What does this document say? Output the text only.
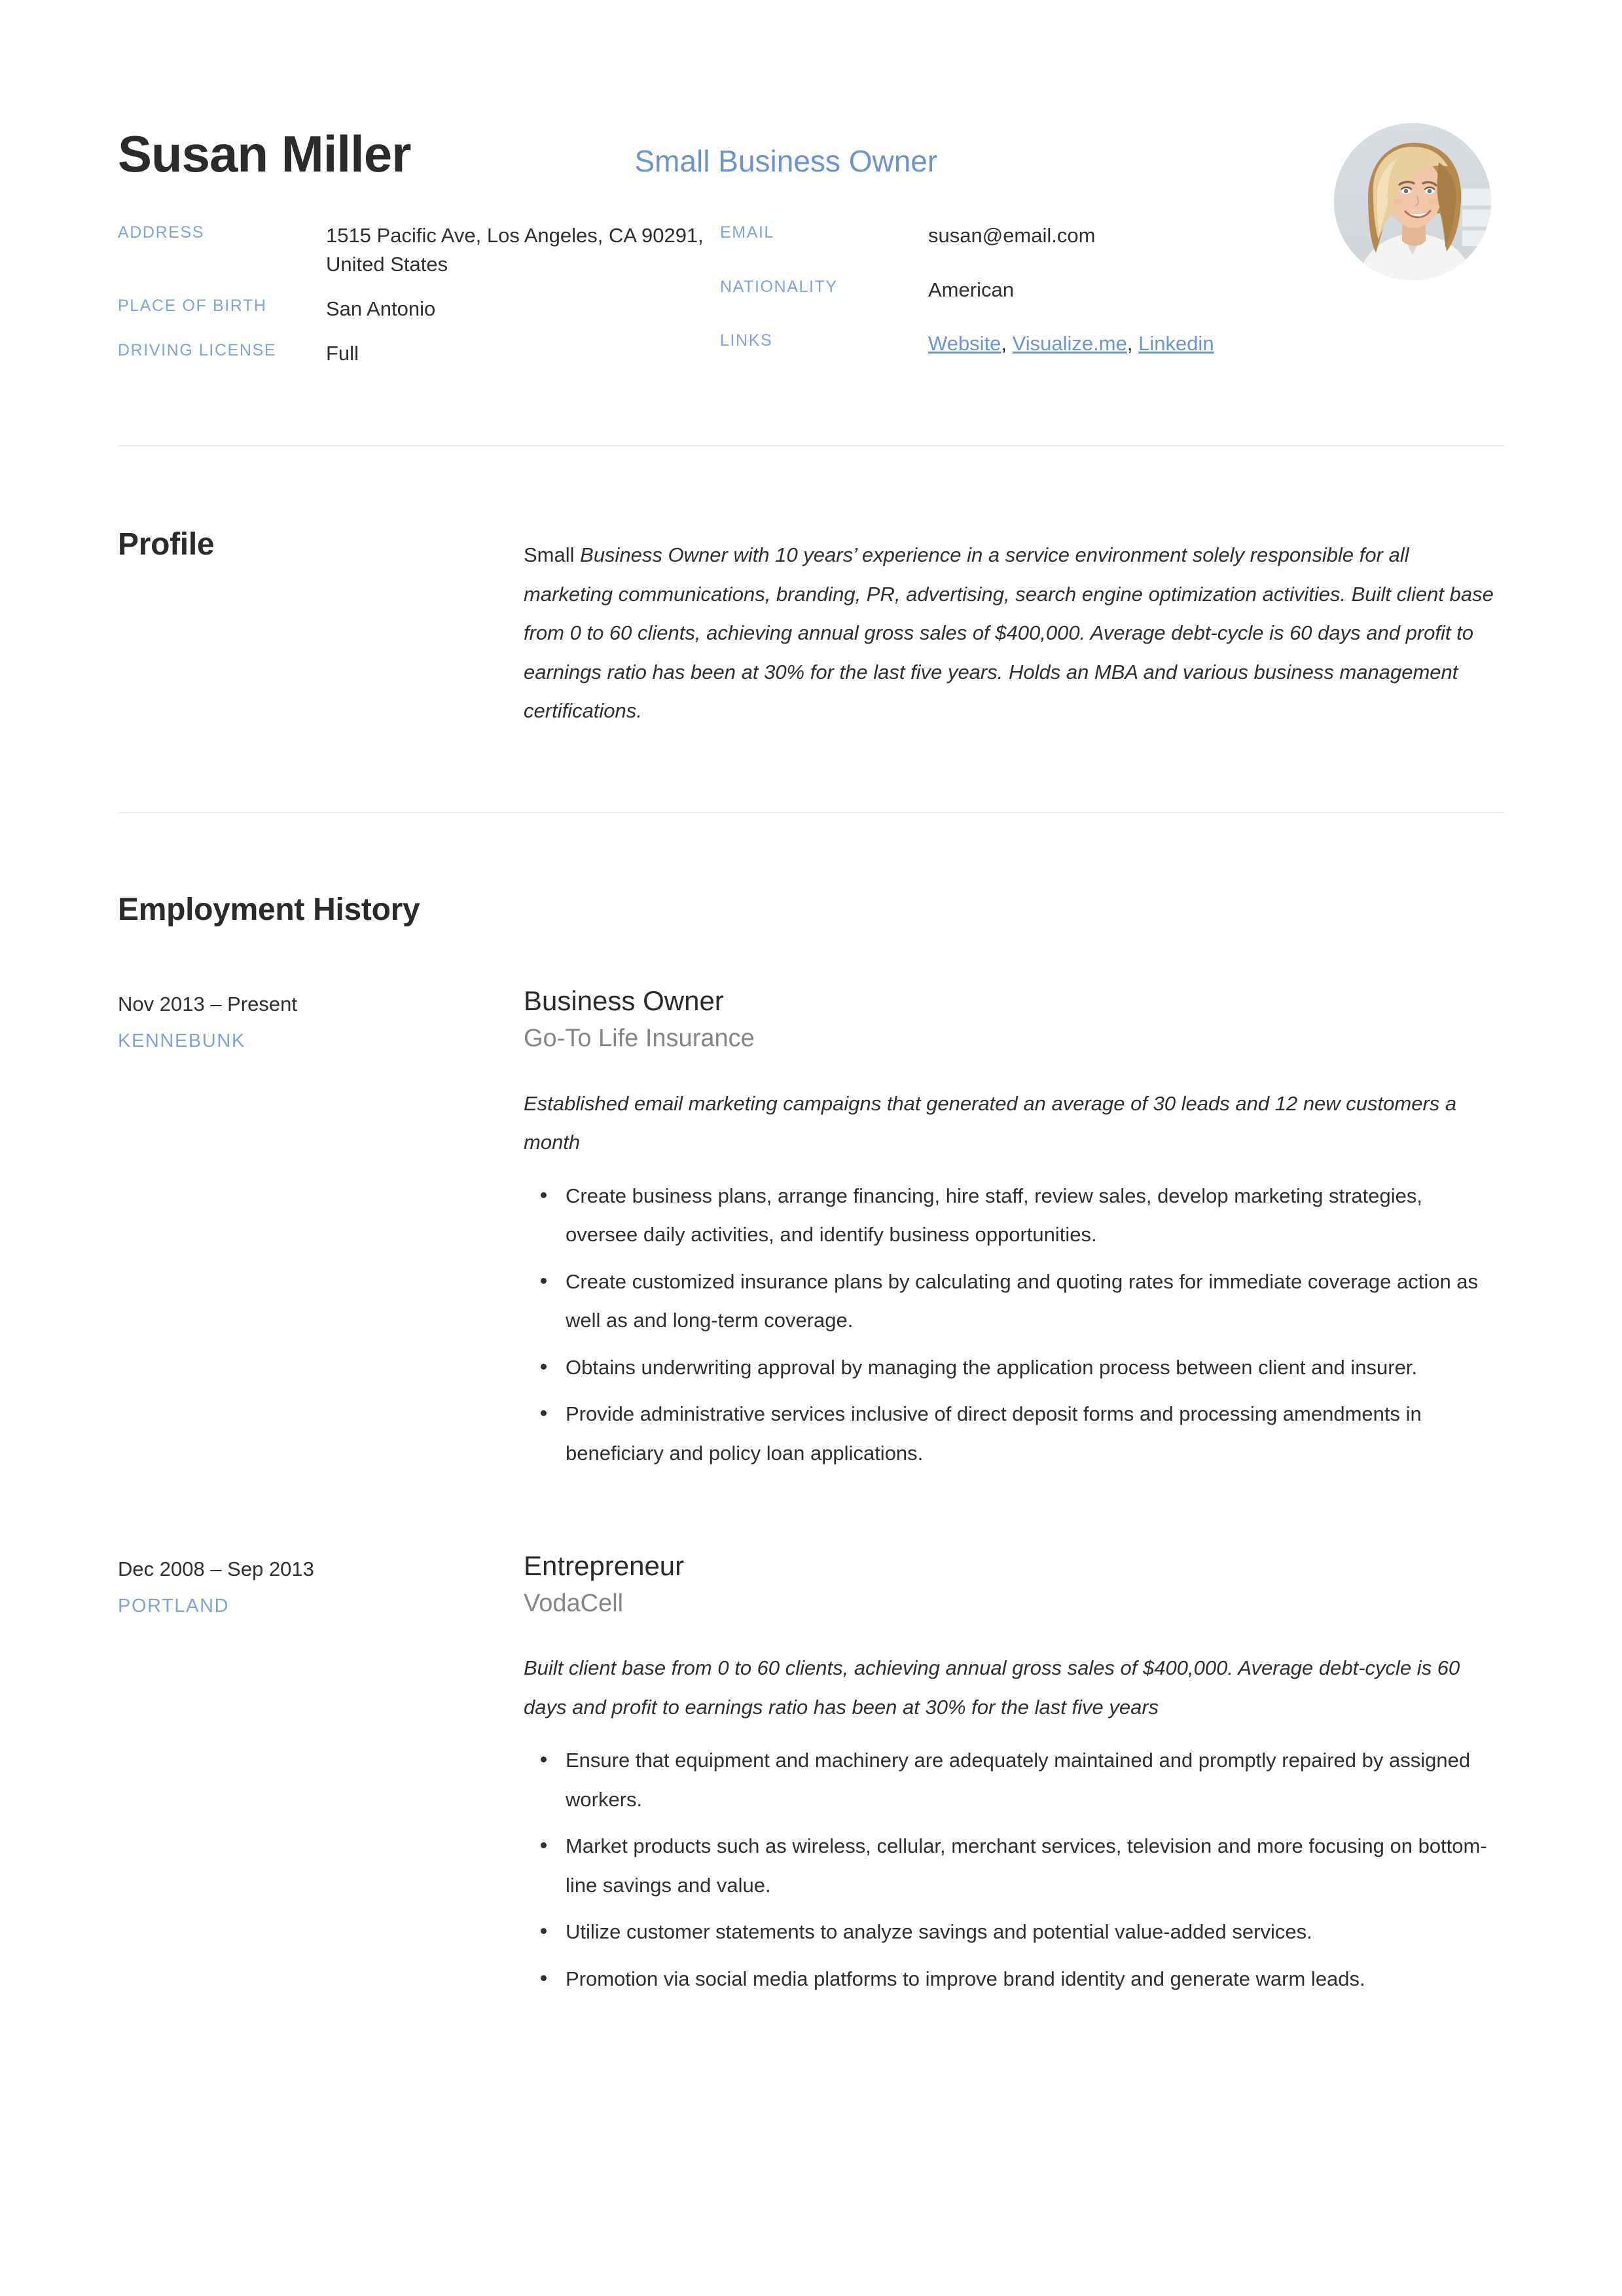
Susan Miller	Small Business Owner
ADDRESS	1515 Pacific Ave, Los Angeles, CA 90291, United States
PLACE OF BIRTH	San Antonio
DRIVING LICENSE	Full
EMAIL	susan@email.com
NATIONALITY	American
LINKS	Website, Visualize.me, Linkedin
Profile	Small Business Owner with 10 years’ experience in a service environment solely responsible for all marketing communications, branding, PR, advertising, search engine optimization activities. Built client base from 0 to 60 clients, achieving annual gross sales of $400,000. Average debt-cycle is 60 days and profit to earnings ratio has been at 30% for the last five years. Holds an MBA and various business management certifications.

Employment History
Nov 2013 – Present
KENNEBUNK
Business Owner
Go-To Life Insurance

Established email marketing campaigns that generated an average of 30 leads and 12 new customers a month

Create business plans, arrange financing, hire staff, review sales, develop marketing strategies, oversee daily activities, and identify business opportunities.
Create customized insurance plans by calculating and quoting rates for immediate coverage action as well as and long-term coverage.
Obtains underwriting approval by managing the application process between client and insurer.
Provide administrative services inclusive of direct deposit forms and processing amendments in beneficiary and policy loan applications.
Dec 2008 – Sep 2013
PORTLAND
Entrepreneur
VodaCell

Built client base from 0 to 60 clients, achieving annual gross sales of $400,000. Average debt-cycle is 60 days and profit to earnings ratio has been at 30% for the last five years

Ensure that equipment and machinery are adequately maintained and promptly repaired by assigned workers.
Market products such as wireless, cellular, merchant services, television and more focusing on bottom-line savings and value.
Utilize customer statements to analyze savings and potential value-added services.
Promotion via social media platforms to improve brand identity and generate warm leads.
